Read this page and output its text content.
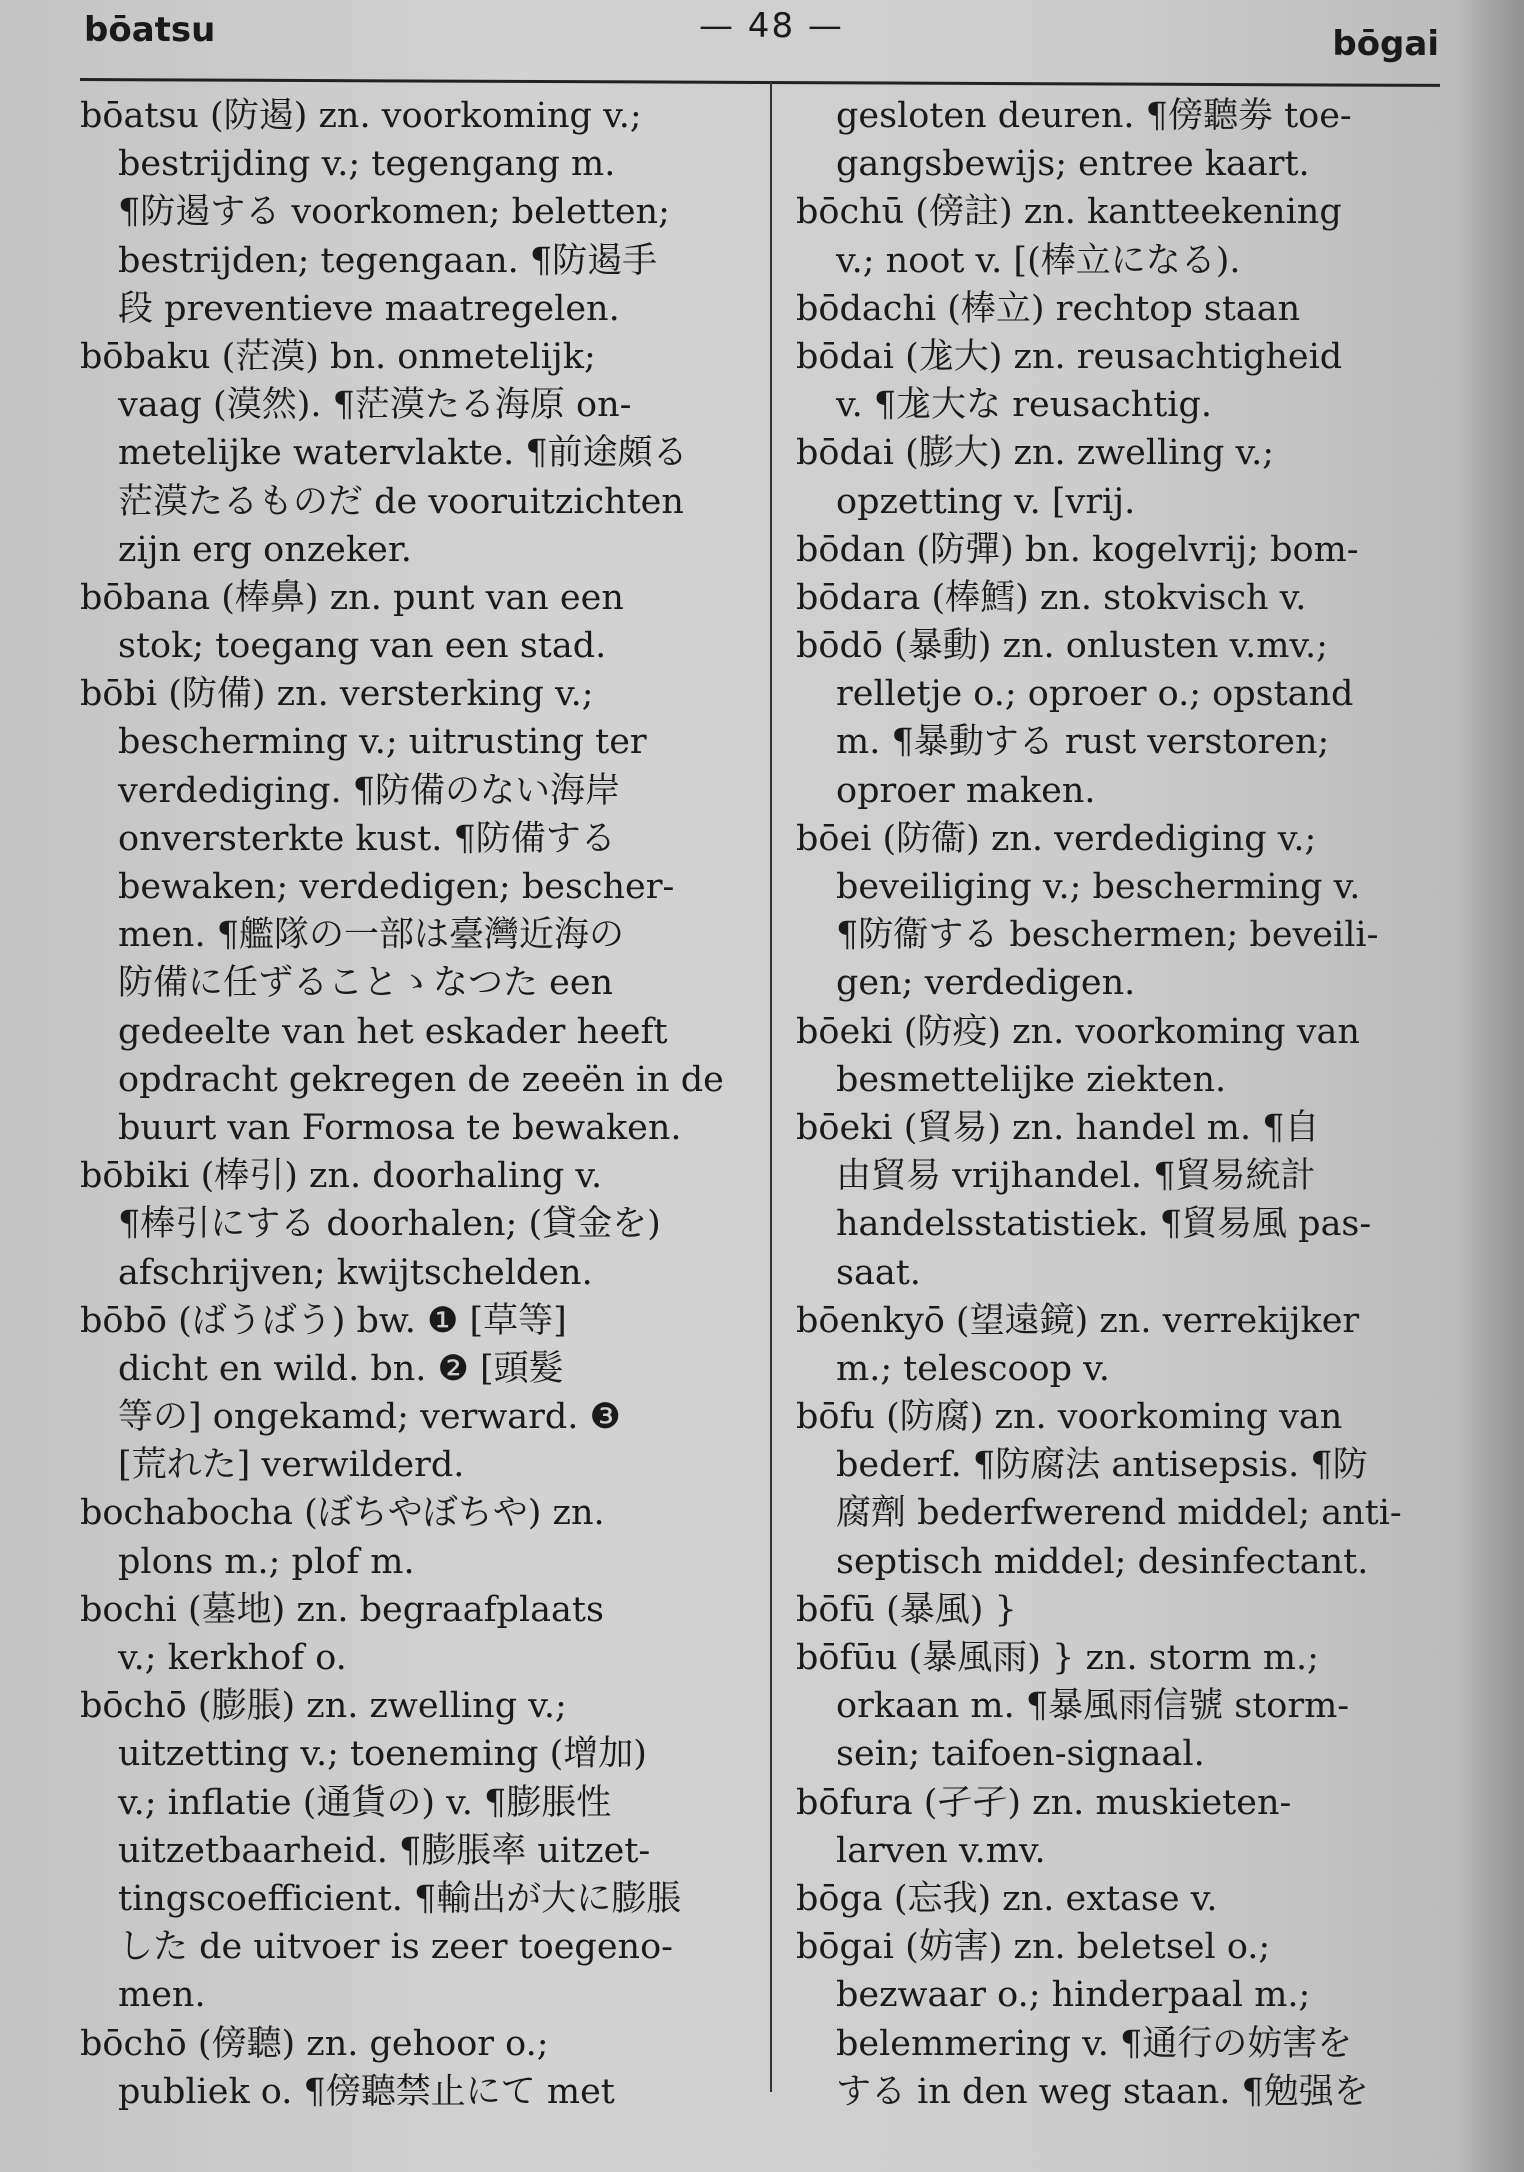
bōatsu	— 48 —	bōgai
bōatsu (防遏) zn. voorkoming v.;
bestrijding v.; tegengang m.
¶防遏する voorkomen; beletten;
bestrijden; tegengaan. ¶防遏手
段 preventieve maatregelen.
bōbaku (茫漠) bn. onmetelijk;
vaag (漠然). ¶茫漠たる海原 on-
metelijke watervlakte. ¶前途頗る
茫漠たるものだ de vooruitzichten
zijn erg onzeker.
bōbana (棒鼻) zn. punt van een
stok; toegang van een stad.
bōbi (防備) zn. versterking v.;
bescherming v.; uitrusting ter
verdediging. ¶防備のない海岸
onversterkte kust. ¶防備する
bewaken; verdedigen; bescher-
men. ¶艦隊の一部は臺灣近海の
防備に任ずることゝなつた een
gedeelte van het eskader heeft
opdracht gekregen de zeeën in de
buurt van Formosa te bewaken.
bōbiki (棒引) zn. doorhaling v.
¶棒引にする doorhalen; (貸金を)
afschrijven; kwijtschelden.
bōbō (ばうばう) bw. ❶ [草等]
dicht en wild. bn. ❷ [頭髮
等の] ongekamd; verward. ❸
[荒れた] verwilderd.
bochabocha (ぼちやぼちや) zn.
plons m.; plof m.
bochi (墓地) zn. begraafplaats
v.; kerkhof o.
bōchō (膨脹) zn. zwelling v.;
uitzetting v.; toeneming (增加)
v.; inflatie (通貨の) v. ¶膨脹性
uitzetbaarheid. ¶膨脹率 uitzet-
tingscoefficient. ¶輸出が大に膨脹
した de uitvoer is zeer toegeno-
men.
bōchō (傍聽) zn. gehoor o.;
publiek o. ¶傍聽禁止にて met
gesloten deuren. ¶傍聽劵 toe-
gangsbewijs; entree kaart.
bōchū (傍註) zn. kantteekening
v.; noot v. [(棒立になる).
bōdachi (棒立) rechtop staan
bōdai (尨大) zn. reusachtigheid
v. ¶尨大な reusachtig.
bōdai (膨大) zn. zwelling v.;
opzetting v. [vrij.
bōdan (防彈) bn. kogelvrij; bom-
bōdara (棒鱈) zn. stokvisch v.
bōdō (暴動) zn. onlusten v.mv.;
relletje o.; oproer o.; opstand
m. ¶暴動する rust verstoren;
oproer maken.
bōei (防衞) zn. verdediging v.;
beveiliging v.; bescherming v.
¶防衞する beschermen; beveili-
gen; verdedigen.
bōeki (防疫) zn. voorkoming van
besmettelijke ziekten.
bōeki (貿易) zn. handel m. ¶自
由貿易 vrijhandel. ¶貿易統計
handelsstatistiek. ¶貿易風 pas-
saat.
bōenkyō (望遠鏡) zn. verrekijker
m.; telescoop v.
bōfu (防腐) zn. voorkoming van
bederf. ¶防腐法 antisepsis. ¶防
腐劑 bederfwerend middel; anti-
septisch middel; desinfectant.
bōfū (暴風) }
bōfūu (暴風雨) } zn. storm m.;
orkaan m. ¶暴風雨信號 storm-
sein; taifoen-signaal.
bōfura (孑孑) zn. muskieten-
larven v.mv.
bōga (忘我) zn. extase v.
bōgai (妨害) zn. beletsel o.;
bezwaar o.; hinderpaal m.;
belemmering v. ¶通行の妨害を
する in den weg staan. ¶勉强を
